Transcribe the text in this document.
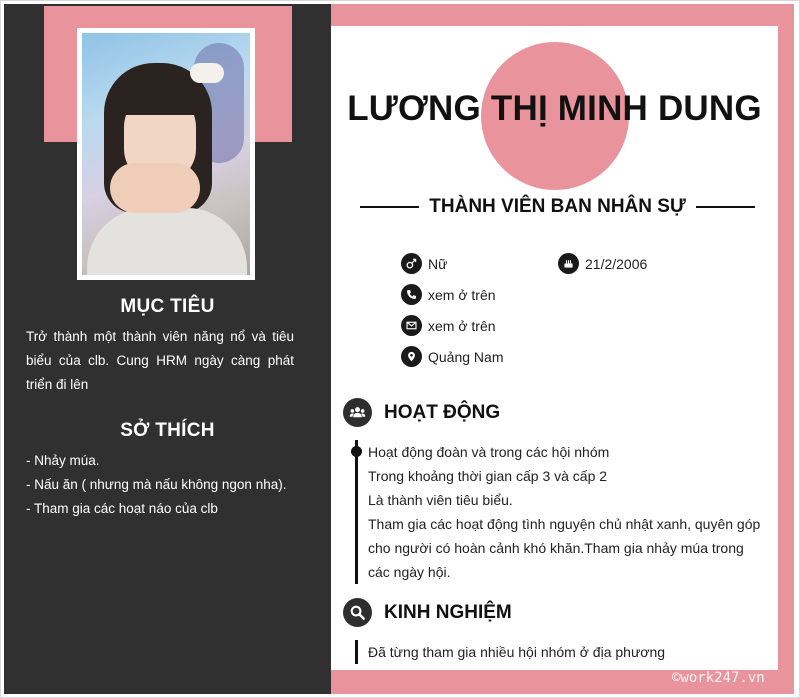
MỤC TIÊU
Trở thành một thành viên năng nổ và tiêu biểu của clb. Cung HRM ngày càng phát triển đi lên
SỞ THÍCH
- Nhảy múa.
- Nấu ăn ( nhưng mà nấu không ngon nha).
- Tham gia các hoạt náo của clb
LƯƠNG THỊ MINH DUNG
THÀNH VIÊN BAN NHÂN SỰ
Nữ	21/2/2006
xem ở trên
xem ở trên
Quảng Nam
HOẠT ĐỘNG
Hoạt động đoàn và trong các hội nhóm
Trong khoảng thời gian cấp 3 và cấp 2
Là thành viên tiêu biểu.
Tham gia các hoạt động tình nguyện chủ nhật xanh, quyên góp
cho người có hoàn cảnh khó khăn.Tham gia nhảy múa trong
các ngày hội.
KINH NGHIỆM
Đã từng tham gia nhiều hội nhóm ở địa phương
©work247.vn
